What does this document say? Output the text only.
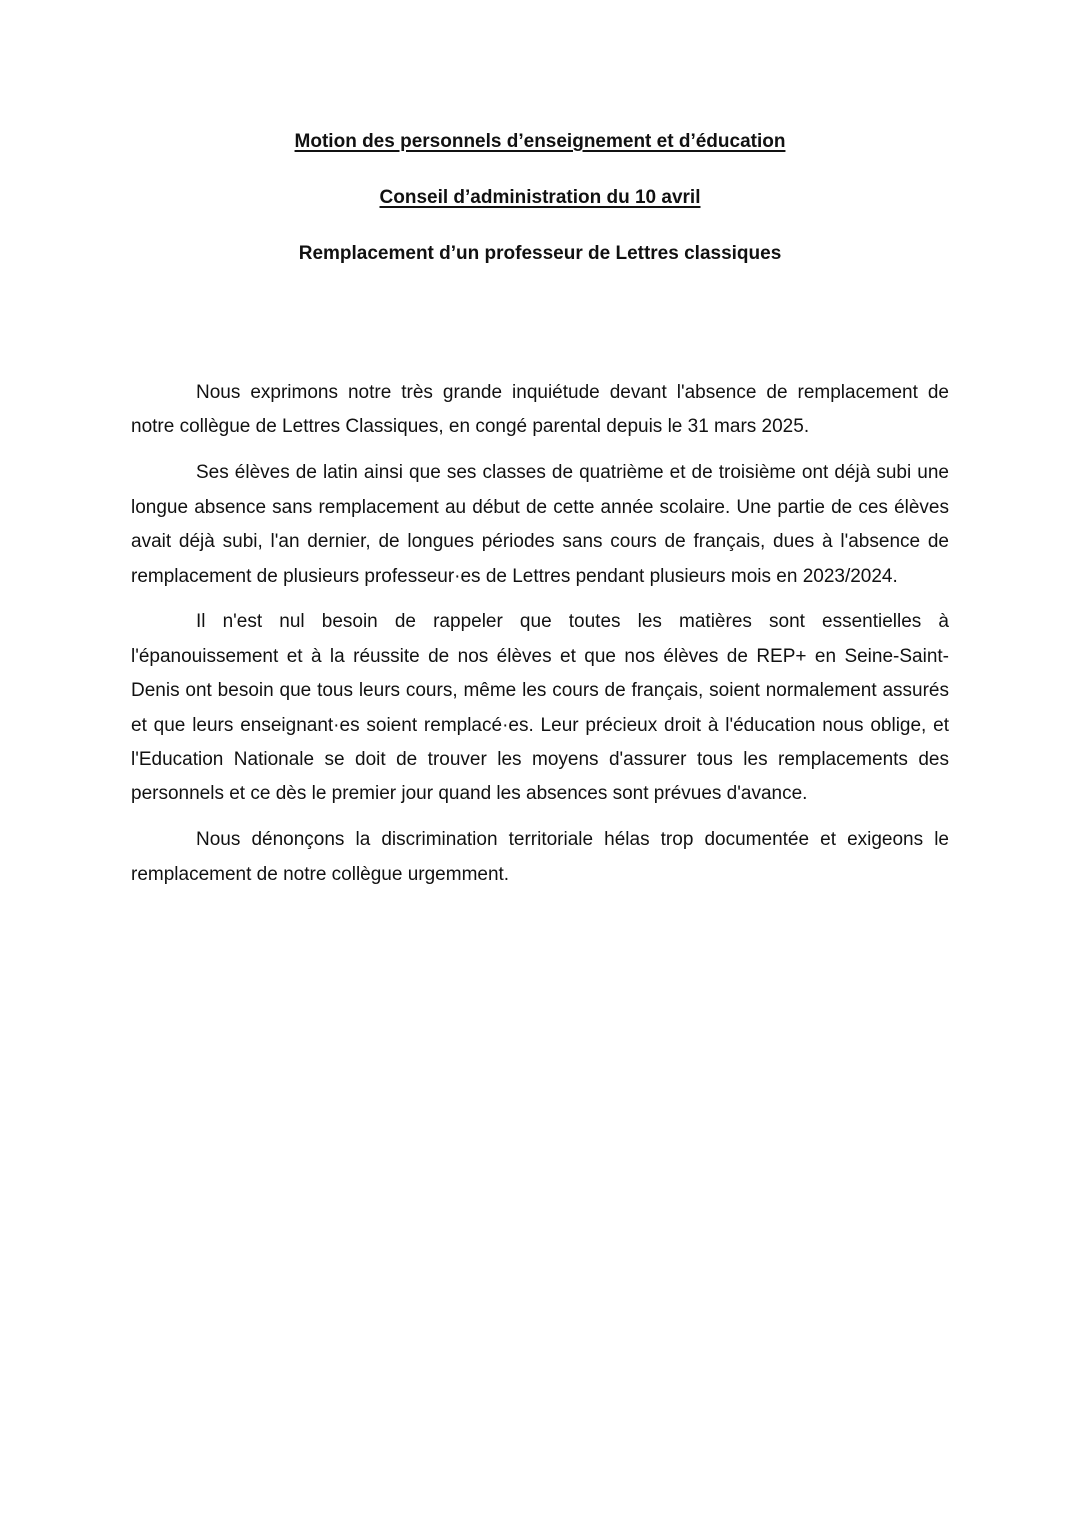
Motion des personnels d’enseignement et d’éducation
Conseil d’administration du 10 avril
Remplacement d’un professeur de Lettres classiques

Nous exprimons notre très grande inquiétude devant l'absence de remplacement de notre collègue de Lettres Classiques, en congé parental depuis le 31 mars 2025.

Ses élèves de latin ainsi que ses classes de quatrième et de troisième ont déjà subi une longue absence sans remplacement au début de cette année scolaire. Une partie de ces élèves avait déjà subi, l'an dernier, de longues périodes sans cours de français, dues à l'absence de remplacement de plusieurs professeur·es de Lettres pendant plusieurs mois en 2023/2024.

Il n'est nul besoin de rappeler que toutes les matières sont essentielles à l'épanouissement et à la réussite de nos élèves et que nos élèves de REP+ en Seine-Saint-Denis ont besoin que tous leurs cours, même les cours de français, soient normalement assurés et que leurs enseignant·es soient remplacé·es. Leur précieux droit à l'éducation nous oblige, et l'Education Nationale se doit de trouver les moyens d'assurer tous les remplacements des personnels et ce dès le premier jour quand les absences sont prévues d'avance.

Nous dénonçons la discrimination territoriale hélas trop documentée et exigeons le remplacement de notre collègue urgemment.
